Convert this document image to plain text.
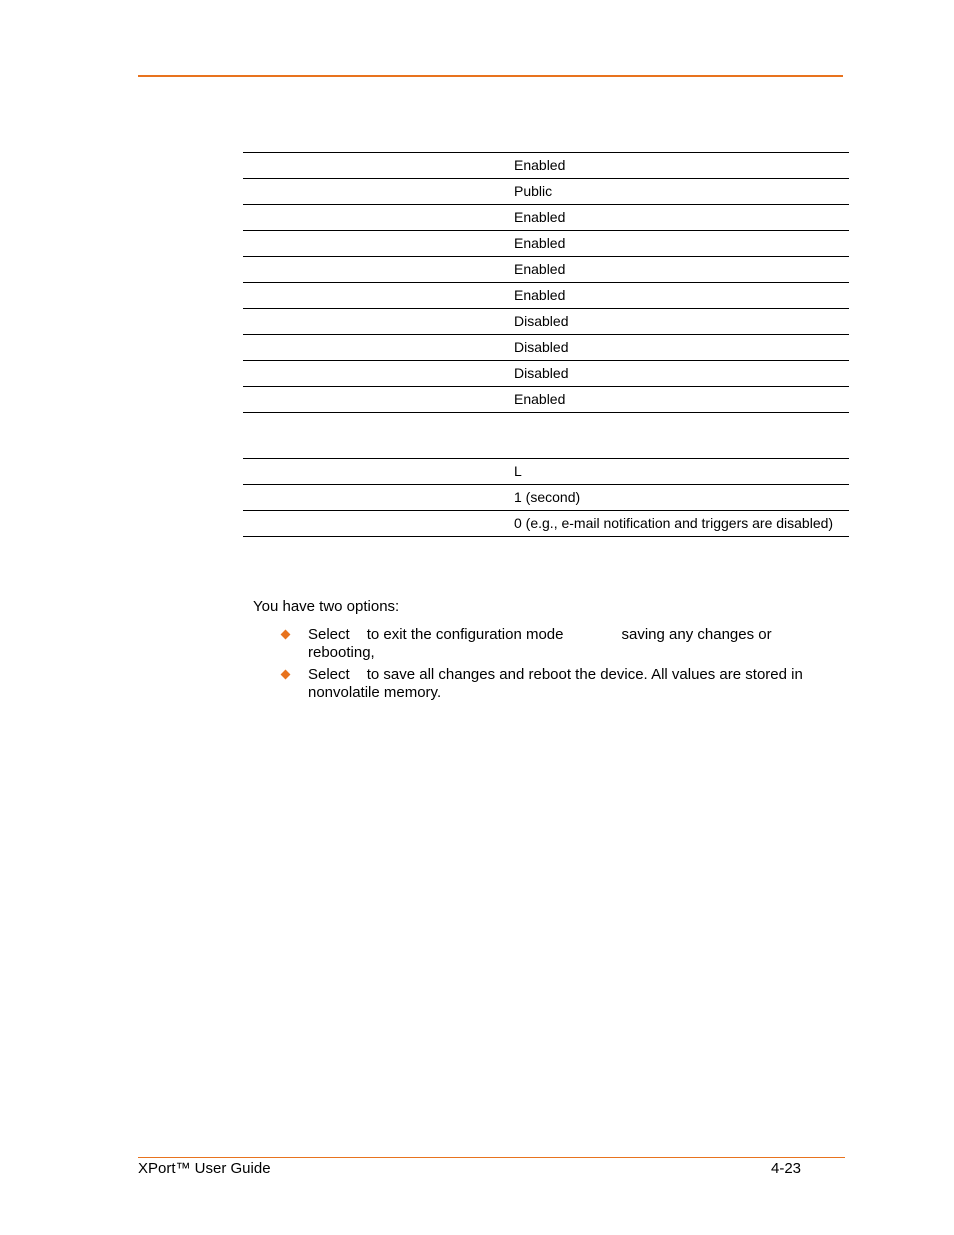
Enabled
Public
Enabled
Enabled
Enabled
Enabled
Disabled
Disabled
Disabled
Enabled
L
1 (second)
0 (e.g., e-mail notification and triggers are disabled)
You have two options:
Select to exit the configuration mode	saving any changes or
rebooting,
Select to save all changes and reboot the device. All values are stored in
nonvolatile memory.
XPort™ User Guide	4-23
